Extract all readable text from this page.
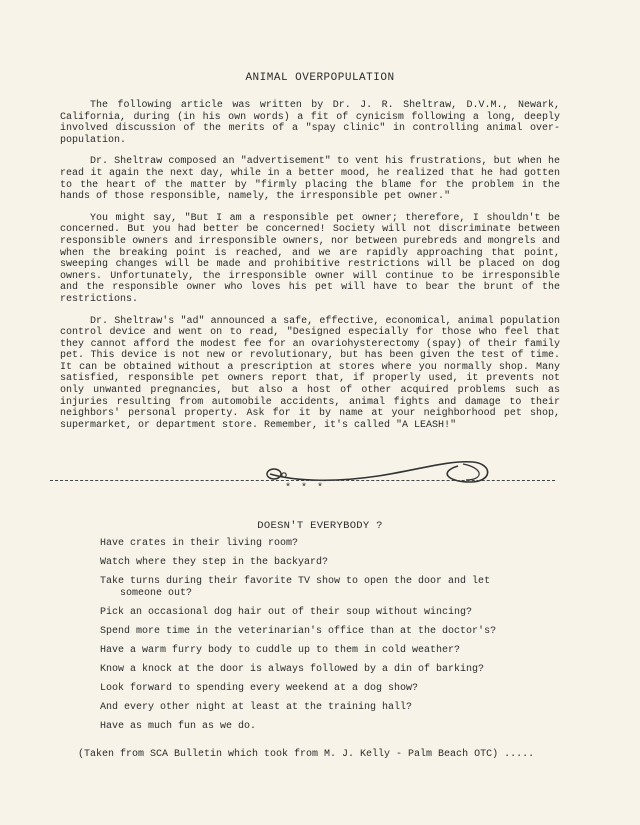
ANIMAL OVERPOPULATION

The following article was written by Dr. J. R. Sheltraw, D.V.M., Newark, California, during (in his own words) a fit of cynicism following a long, deeply involved discussion of the merits of a "spay clinic" in controlling animal over-population.

Dr. Sheltraw composed an "advertisement" to vent his frustrations, but when he read it again the next day, while in a better mood, he realized that he had gotten to the heart of the matter by "firmly placing the blame for the problem in the hands of those responsible, namely, the irresponsible pet owner."

You might say, "But I am a responsible pet owner; therefore, I shouldn't be concerned. But you had better be concerned! Society will not discriminate between responsible owners and irresponsible owners, nor between purebreds and mongrels and when the breaking point is reached, and we are rapidly approaching that point, sweeping changes will be made and prohibitive restrictions will be placed on dog owners. Unfortunately, the irresponsible owner will continue to be irresponsible and the responsible owner who loves his pet will have to bear the brunt of the restrictions.

Dr. Sheltraw's "ad" announced a safe, effective, economical, animal population control device and went on to read, "Designed especially for those who feel that they cannot afford the modest fee for an ovariohysterectomy (spay) of their family pet. This device is not new or revolutionary, but has been given the test of time. It can be obtained without a prescription at stores where you normally shop. Many satisfied, responsible pet owners report that, if properly used, it prevents not only unwanted pregnancies, but also a host of other acquired problems such as injuries resulting from automobile accidents, animal fights and damage to their neighbors' personal property. Ask for it by name at your neighborhood pet shop, supermarket, or department store. Remember, it's called "A LEASH!"

* * *
DOESN'T EVERYBODY ?
Have crates in their living room?
Watch where they step in the backyard?
Take turns during their favorite TV show to open the door and let
someone out?
Pick an occasional dog hair out of their soup without wincing?
Spend more time in the veterinarian's office than at the doctor's?
Have a warm furry body to cuddle up to them in cold weather?
Know a knock at the door is always followed by a din of barking?
Look forward to spending every weekend at a dog show?
And every other night at least at the training hall?
Have as much fun as we do.
(Taken from SCA Bulletin which took from M. J. Kelly - Palm Beach OTC) .....
